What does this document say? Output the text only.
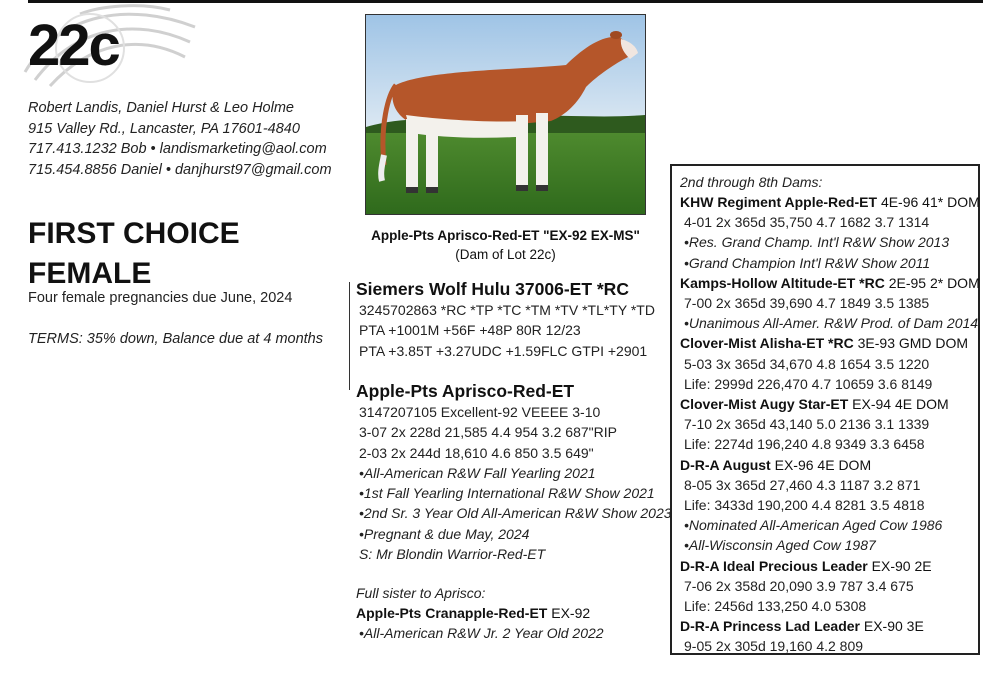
22c
Robert Landis, Daniel Hurst & Leo Holme
915 Valley Rd., Lancaster, PA 17601-4840
717.413.1232 Bob • landismarketing@aol.com
715.454.8856 Daniel • danjhurst97@gmail.com
FIRST CHOICE
FEMALE
Four female pregnancies due June, 2024
TERMS: 35% down, Balance due at 4 months
Apple-Pts Aprisco-Red-ET "EX-92 EX-MS"
(Dam of Lot 22c)
Siemers Wolf Hulu 37006-ET *RC
3245702863 *RC *TP *TC *TM *TV *TL*TY *TD
PTA +1001M +56F +48P 80R 12/23
PTA +3.85T +3.27UDC +1.59FLC GTPI +2901
Apple-Pts Aprisco-Red-ET
3147207105 Excellent-92 VEEEE 3-10
3-07 2x 228d 21,585 4.4 954 3.2 687"RIP
2-03 2x 244d 18,610 4.6 850 3.5 649"
•All-American R&W Fall Yearling 2021
•1st Fall Yearling International R&W Show 2021
•2nd Sr. 3 Year Old All-American R&W Show 2023
•Pregnant & due May, 2024
S: Mr Blondin Warrior-Red-ET
Full sister to Aprisco:
Apple-Pts Cranapple-Red-ET EX-92
•All-American R&W Jr. 2 Year Old 2022
2nd through 8th Dams:
KHW Regiment Apple-Red-ET 4E-96 41* DOM
4-01 2x 365d 35,750 4.7 1682 3.7 1314
•Res. Grand Champ. Int'l R&W Show 2013
•Grand Champion Int'l R&W Show 2011
Kamps-Hollow Altitude-ET *RC 2E-95 2* DOM
7-00 2x 365d 39,690 4.7 1849 3.5 1385
•Unanimous All-Amer. R&W Prod. of Dam 2014
Clover-Mist Alisha-ET *RC 3E-93 GMD DOM
5-03 3x 365d 34,670 4.8 1654 3.5 1220
Life: 2999d 226,470 4.7 10659 3.6 8149
Clover-Mist Augy Star-ET EX-94 4E DOM
7-10 2x 365d 43,140 5.0 2136 3.1 1339
Life: 2274d 196,240 4.8 9349 3.3 6458
D-R-A August EX-96 4E DOM
8-05 3x 365d 27,460 4.3 1187 3.2 871
Life: 3433d 190,200 4.4 8281 3.5 4818
•Nominated All-American Aged Cow 1986
•All-Wisconsin Aged Cow 1987
D-R-A Ideal Precious Leader EX-90 2E
7-06 2x 358d 20,090 3.9 787 3.4 675
Life: 2456d 133,250 4.0 5308
D-R-A Princess Lad Leader EX-90 3E
9-05 2x 305d 19,160 4.2 809
